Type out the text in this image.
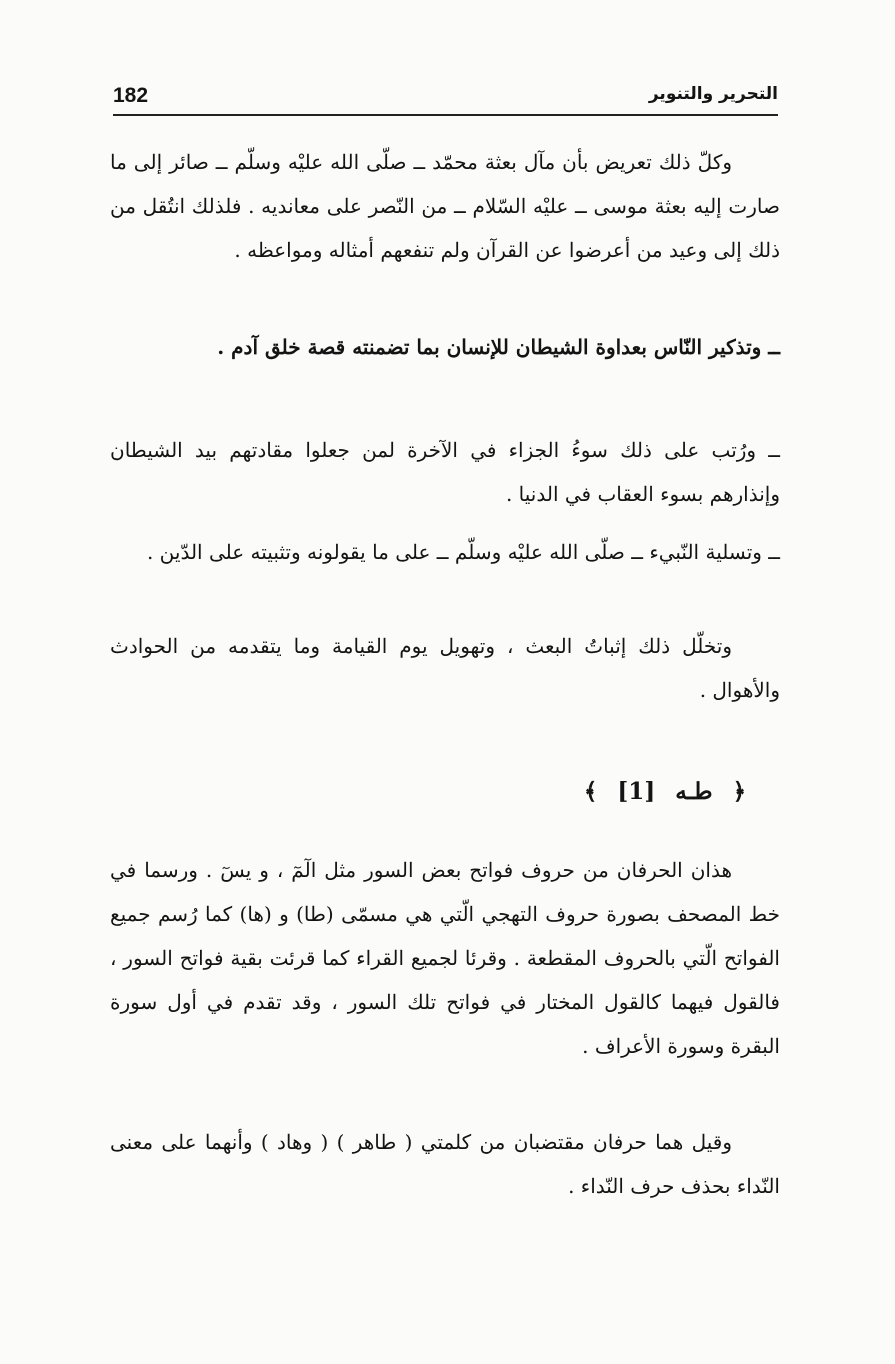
182	التحرير والتنوير

وكلّ ذلك تعريض بأن مآل بعثة محمّد ــ صلّى الله عليْه وسلّم ــ صائر إلى ما صارت إليه بعثة موسى ــ عليْه السّلام ــ من النّصر على معانديه . فلذلك انتُقل من ذلك إلى وعيد من أعرضوا عن القرآن ولم تنفعهم أمثاله ومواعظه .

ــ وتذكير النّاس بعداوة الشيطان للإنسان بما تضمنته قصة خلق آدم .

ــ ورُتب على ذلك سوءُ الجزاء في الآخرة لمن جعلوا مقادتهم بيد الشيطان وإنذارهم بسوء العقاب في الدنيا .

ــ وتسلية النّبيء ــ صلّى الله عليْه وسلّم ــ على ما يقولونه وتثبيته على الدّين .

وتخلّل ذلك إثباتُ البعث ، وتهويل يوم القيامة وما يتقدمه من الحوادث والأهوال .

﴿ طـه [1] ﴾

هذان الحرفان من حروف فواتح بعض السور مثل الٓمٓ ، و يسٓ . ورسما في خط المصحف بصورة حروف التهجي الّتي هي مسمّى (طا) و (ها) كما رُسم جميع الفواتح الّتي بالحروف المقطعة . وقرئا لجميع القراء كما قرئت بقية فواتح السور ، فالقول فيهما كالقول المختار في فواتح تلك السور ، وقد تقدم في أول سورة البقرة وسورة الأعراف .

وقيل هما حرفان مقتضبان من كلمتي ( طاهر ) ( وهاد ) وأنهما على معنى النّداء بحذف حرف النّداء .
